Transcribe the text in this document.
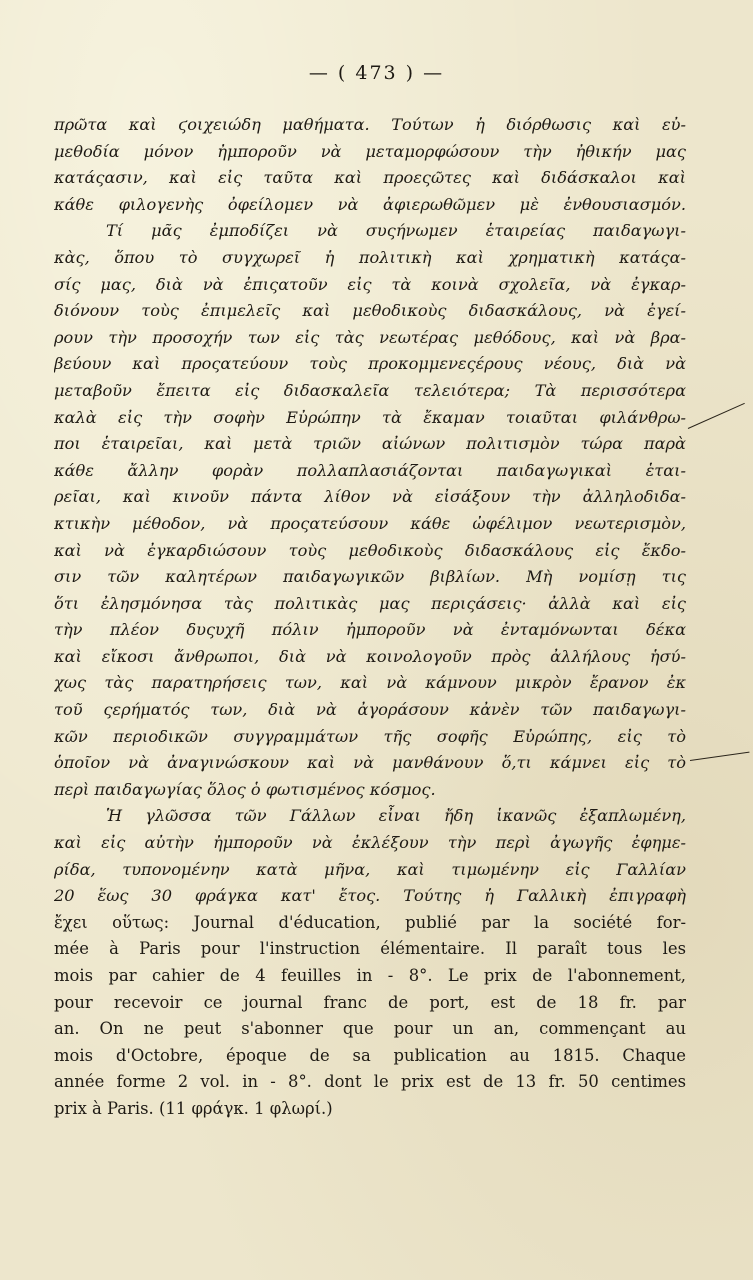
— ( 473 ) —
πρῶτα καὶ ϛοιχειώδη μαθήματα. Τούτων ἡ διόρθωσις καὶ εὐ-
μεθοδία μόνον ἠμποροῦν νὰ μεταμορφώσουν τὴν ἠθικήν μας
κατάςασιν, καὶ εἰς ταῦτα καὶ προεςῶτες καὶ διδάσκαλοι καὶ
κάθε φιλογενὴς ὀφείλομεν νὰ ἀφιερωθῶμεν μὲ ἐνθουσιασμόν.
Τί μᾶς ἐμποδίζει νὰ συςήνωμεν ἑταιρείας παιδαγωγι-
κὰς, ὅπου τὸ συγχωρεῖ ἡ πολιτικὴ καὶ χρηματικὴ κατάςα-
σίς μας, διὰ νὰ ἐπιςατοῦν εἰς τὰ κοινὰ σχολεῖα, νὰ ἐγκαρ-
διόνουν τοὺς ἐπιμελεῖς καὶ μεθοδικοὺς διδασκάλους, νὰ ἐγεί-
ρουν τὴν προσοχήν των εἰς τὰς νεωτέρας μεθόδους, καὶ νὰ βρα-
βεύουν καὶ προςατεύουν τοὺς προκομμενεςέρους νέους, διὰ νὰ
μεταβοῦν ἔπειτα εἰς διδασκαλεῖα τελειότερα; Τὰ περισσότερα
καλὰ εἰς τὴν σοφὴν Εὐρώπην τὰ ἔκαμαν τοιαῦται φιλάνθρω-
ποι ἑταιρεῖαι, καὶ μετὰ τριῶν αἰώνων πολιτισμὸν τώρα παρὰ
κάθε ἄλλην φορὰν πολλαπλασιάζονται παιδαγωγικαὶ ἑται-
ρεῖαι, καὶ κινοῦν πάντα λίθον νὰ εἰσάξουν τὴν ἀλληλοδιδα-
κτικὴν μέθοδον, νὰ προςατεύσουν κάθε ὠφέλιμον νεωτερισμὸν,
καὶ νὰ ἐγκαρδιώσουν τοὺς μεθοδικοὺς διδασκάλους εἰς ἔκδο-
σιν τῶν καλητέρων παιδαγωγικῶν βιβλίων. Μὴ νομίσῃ τις
ὅτι ἐλησμόνησα τὰς πολιτικὰς μας περιςάσεις· ἀλλὰ καὶ εἰς
τὴν πλέον δυςυχῆ πόλιν ἠμποροῦν νὰ ἐνταμόνωνται δέκα
καὶ εἴκοσι ἄνθρωποι, διὰ νὰ κοινολογοῦν πρὸς ἀλλήλους ἡσύ-
χως τὰς παρατηρήσεις των, καὶ νὰ κάμνουν μικρὸν ἔρανον ἐκ
τοῦ ςερήματός των, διὰ νὰ ἀγοράσουν κἀνὲν τῶν παιδαγωγι-
κῶν περιοδικῶν συγγραμμάτων τῆς σοφῆς Εὐρώπης, εἰς τὸ
ὁποῖον νὰ ἀναγινώσκουν καὶ νὰ μανθάνουν ὅ,τι κάμνει εἰς τὸ
περὶ παιδαγωγίας ὅλος ὁ φωτισμένος κόσμος.
Ἡ γλῶσσα τῶν Γάλλων εἶναι ἤδη ἱκανῶς ἐξαπλωμένη,
καὶ εἰς αὐτὴν ἠμποροῦν νὰ ἐκλέξουν τὴν περὶ ἀγωγῆς ἐφημε-
ρίδα, τυπονομένην κατὰ μῆνα, καὶ τιμωμένην εἰς Γαλλίαν
20 ἕως 30 φράγκα κατ' ἔτος. Τούτης ἡ Γαλλικὴ ἐπιγραφὴ
ἔχει οὕτως: Journal d'éducation, publié par la société for-
mée à Paris pour l'instruction élémentaire. Il paraît tous les
mois par cahier de 4 feuilles in - 8°. Le prix de l'abonnement,
pour recevoir ce journal franc de port, est de 18 fr. par
an. On ne peut s'abonner que pour un an, commençant au
mois d'Octobre, époque de sa publication au 1815. Chaque
année forme 2 vol. in - 8°. dont le prix est de 13 fr. 50 centimes
prix à Paris. (11 φράγκ. 1 φλωρί.)
